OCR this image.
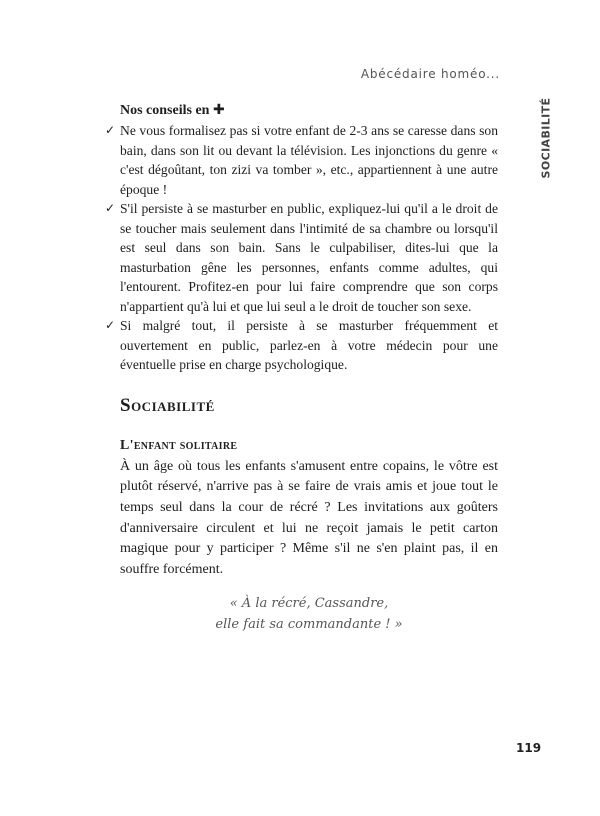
Abécédaire homéo...
SOCIABILITÉ

Nos conseils en ✚

✓ Ne vous formalisez pas si votre enfant de 2-3 ans se caresse dans son bain, dans son lit ou devant la télévision. Les injonctions du genre « c'est dégoûtant, ton zizi va tomber », etc., appartiennent à une autre époque !
✓ S'il persiste à se masturber en public, expliquez-lui qu'il a le droit de se toucher mais seulement dans l'intimité de sa chambre ou lorsqu'il est seul dans son bain. Sans le culpabiliser, dites-lui que la masturbation gêne les personnes, enfants comme adultes, qui l'entourent. Profitez-en pour lui faire comprendre que son corps n'appartient qu'à lui et que lui seul a le droit de toucher son sexe.
✓ Si malgré tout, il persiste à se masturber fréquemment et ouvertement en public, parlez-en à votre médecin pour une éventuelle prise en charge psychologique.
Sociabilité
L'enfant solitaire

À un âge où tous les enfants s'amusent entre copains, le vôtre est plutôt réservé, n'arrive pas à se faire de vrais amis et joue tout le temps seul dans la cour de récré ? Les invitations aux goûters d'anniversaire circulent et lui ne reçoit jamais le petit carton magique pour y participer ? Même s'il ne s'en plaint pas, il en souffre forcément.

« À la récré, Cassandre,
elle fait sa commandante ! »
119
